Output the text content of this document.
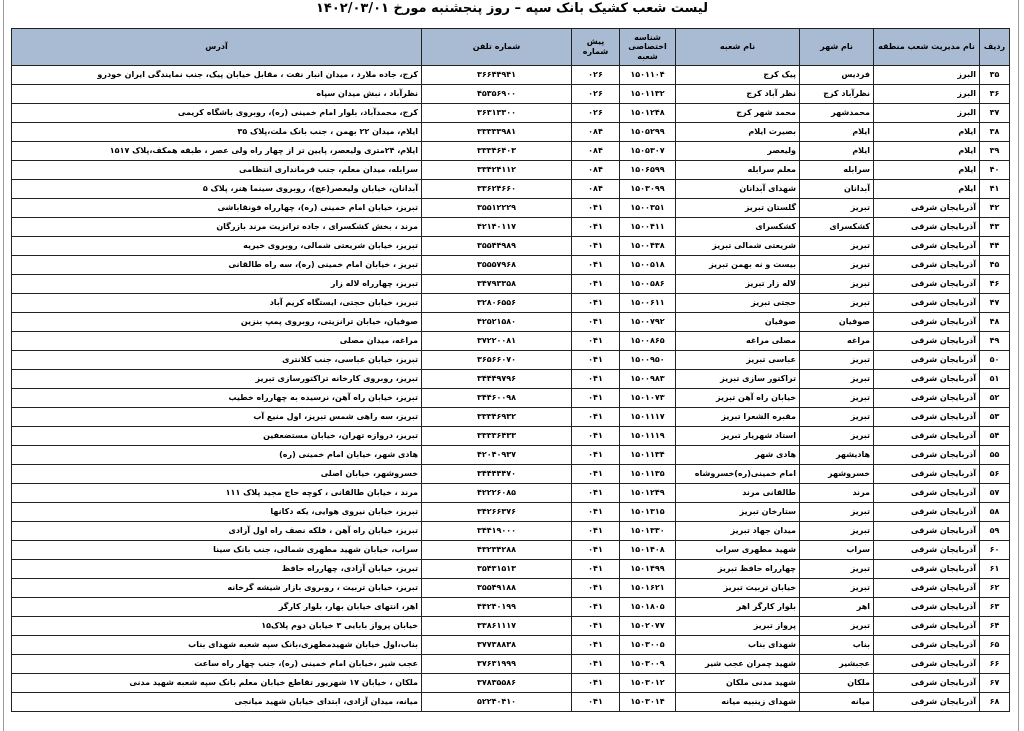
لیست شعب کشیک بانک سپه – روز پنجشنبه مورخ ۱۴۰۲/۰۳/۰۱
ردیف	نام مدیریت شعب منطقه	نام شهر	نام شعبه	شناسه اختصاصی شعبه	پیش شماره	شماره تلفن	آدرس
۳۵	البرز	فردیس	پیک کرج	۱۵۰۱۱۰۴	۰۲۶	۳۶۶۴۴۹۴۱	کرج، جاده ملارد ، میدان انبار نفت ، مقابل خیابان پیک، جنب نمایندگی ایران خودرو
۳۶	البرز	نظرآباد کرج	نظر آباد کرج	۱۵۰۱۱۳۲	۰۲۶	۴۵۳۵۶۹۰۰	نظرآباد ، نبش میدان سپاه
۳۷	البرز	محمدشهر	محمد شهر کرج	۱۵۰۱۲۴۸	۰۲۶	۳۶۳۱۳۳۰۰	کرج، محمدآباد، بلوار امام خمینی (ره)، روبروی باشگاه کریمی
۳۸	ایلام	ایلام	بصیرت ایلام	۱۵۰۵۲۹۹	۰۸۴	۳۳۳۳۳۹۸۱	ایلام، میدان ۲۲ بهمن ، جنب بانک ملت،پلاک ۳۵
۳۹	ایلام	ایلام	ولیعصر	۱۵۰۵۳۰۷	۰۸۴	۳۳۳۴۶۴۰۳	ایلام، ۲۴متری ولیعصر، پایین تر از چهار راه ولی عصر ، طبقه همکف،پلاک ۱۵۱۷
۴۰	ایلام	سرابله	معلم سرابله	۱۵۰۶۵۹۹	۰۸۴	۳۳۴۲۴۱۱۲	سرابله، میدان معلم، جنب فرمانداری انتظامی
۴۱	ایلام	آبدانان	شهدای آبدانان	۱۵۰۳۰۹۹	۰۸۴	۳۳۶۲۴۶۶۰	آبدانان، خیابان ولیعصر(عج)، روبروی سینما هنر، پلاک ۵
۴۲	آذربایجان شرقی	تبریز	گلستان تبریز	۱۵۰۰۳۵۱	۰۴۱	۳۵۵۱۲۲۲۹	تبریز، خیابان امام خمینی (ره)، چهارراه فونقاباشی
۴۳	آذربایجان شرقی	کشکسرای	کشکسرای	۱۵۰۰۴۱۱	۰۴۱	۴۲۱۴۰۱۱۷	مرند ، بخش کشکسرای ، جاده ترانزیت مرند بازرگان
۴۴	آذربایجان شرقی	تبریز	شریعتی شمالی تبریز	۱۵۰۰۴۳۸	۰۴۱	۳۵۵۴۴۹۸۹	تبریز، خیابان شریعتی شمالی، روبروی خیریه
۴۵	آذربایجان شرقی	تبریز	بیست و نه بهمن تبریز	۱۵۰۰۵۱۸	۰۴۱	۳۵۵۵۷۹۶۸	تبریز ، خیابان امام خمینی (ره)، سه راه طالقانی
۴۶	آذربایجان شرقی	تبریز	لاله زار تبریز	۱۵۰۰۵۸۶	۰۴۱	۳۴۷۹۳۳۵۸	تبریز، چهارراه لاله زار
۴۷	آذربایجان شرقی	تبریز	حجتی تبریز	۱۵۰۰۶۱۱	۰۴۱	۳۲۸۰۶۵۵۶	تبریز، خیابان حجتی، ایستگاه کریم آباد
۴۸	آذربایجان شرقی	صوفیان	صوفیان	۱۵۰۰۷۹۲	۰۴۱	۴۲۵۲۱۵۸۰	صوفیان، خیابان ترانزیتی، روبروی پمپ بنزین
۴۹	آذربایجان شرقی	مراغه	مصلی مراغه	۱۵۰۰۸۶۵	۰۴۱	۳۷۲۲۰۰۸۱	مراغه، میدان مصلی
۵۰	آذربایجان شرقی	تبریز	عباسی تبریز	۱۵۰۰۹۵۰	۰۴۱	۳۶۵۶۶۰۷۰	تبریز، خیابان عباسی، جنب کلانتری
۵۱	آذربایجان شرقی	تبریز	تراکتور سازی تبریز	۱۵۰۰۹۸۳	۰۴۱	۳۴۴۴۹۷۹۶	تبریز، روبروی کارخانه تراکتورسازی تبریز
۵۲	آذربایجان شرقی	تبریز	خیابان راه آهن تبریز	۱۵۰۱۰۷۳	۰۴۱	۳۴۴۶۰۰۹۸	تبریز، خیابان راه آهن، نرسیده به چهارراه خطیب
۵۳	آذربایجان شرقی	تبریز	مقبره الشعرا تبریز	۱۵۰۱۱۱۷	۰۴۱	۳۳۳۴۶۹۳۲	تبریز، سه راهی شمس تبریز، اول منیع آب
۵۴	آذربایجان شرقی	تبریز	استاد شهریار تبریز	۱۵۰۱۱۱۹	۰۴۱	۳۳۳۳۶۴۳۳	تبریز، دروازه تهران، خیابان مستضعفین
۵۵	آذربایجان شرقی	هادیشهر	هادی شهر	۱۵۰۱۱۳۴	۰۴۱	۴۲۰۴۰۹۳۷	هادی شهر، خیابان امام خمینی (ره)
۵۶	آذربایجان شرقی	خسروشهر	امام خمینی(ره)خسروشاه	۱۵۰۱۱۳۵	۰۴۱	۳۴۴۴۴۴۷۰	خسروشهر، خیابان اصلی
۵۷	آذربایجان شرقی	مرند	طالقانی مرند	۱۵۰۱۲۴۹	۰۴۱	۴۲۲۲۶۰۸۵	مرند ، خیابان طالقانی ، کوچه حاج مجید پلاک ۱۱۱
۵۸	آذربایجان شرقی	تبریز	ستارخان تبریز	۱۵۰۱۳۱۵	۰۴۱	۳۴۲۶۶۳۷۶	تبریز، خیابان نیروی هوایی، یکه دکانها
۵۹	آذربایجان شرقی	تبریز	میدان جهاد تبریز	۱۵۰۱۳۳۰	۰۴۱	۳۴۴۱۹۰۰۰	تبریز، خیابان راه آهن ، فلکه نصف راه اول آزادی
۶۰	آذربایجان شرقی	سراب	شهید مطهری سراب	۱۵۰۱۴۰۸	۰۴۱	۴۳۲۳۴۲۸۸	سراب، خیابان شهید مطهری شمالی، جنب بانک سینا
۶۱	آذربایجان شرقی	تبریز	چهارراه حافظ تبریز	۱۵۰۱۴۹۹	۰۴۱	۳۵۴۳۱۵۱۳	تبریز، خیابان آزادی، چهارراه حافظ
۶۲	آذربایجان شرقی	تبریز	خیابان تربیت تبریز	۱۵۰۱۶۲۱	۰۴۱	۳۵۵۴۹۱۸۸	تبریز، خیابان تربیت ، روبروی بازار شیشه گرخانه
۶۳	آذربایجان شرقی	اهر	بلوار کارگر اهر	۱۵۰۱۸۰۵	۰۴۱	۴۴۲۴۰۱۹۹	اهر، انتهای خیابان بهار، بلوار کارگر
۶۴	آذربایجان شرقی	تبریز	پرواز تبریز	۱۵۰۲۰۷۷	۰۴۱	۳۳۸۶۱۱۱۷	خیابان پرواز بابایی ۳ خیابان دوم پلاک۱۵
۶۵	آذربایجان شرقی	بناب	شهدای بناب	۱۵۰۳۰۰۵	۰۴۱	۳۷۷۳۸۸۳۸	بناب،اول خیابان شهیدمطهری،بانک سپه شعبه شهدای بناب
۶۶	آذربایجان شرقی	عجبشیر	شهید چمران عجب شیر	۱۵۰۳۰۰۹	۰۴۱	۳۷۶۳۱۹۹۹	عجب شیر ،خیابان امام خمینی (ره)، جنب چهار راه ساعت
۶۷	آذربایجان شرقی	ملکان	شهید مدنی ملکان	۱۵۰۳۰۱۲	۰۴۱	۳۷۸۳۵۵۸۶	ملکان ، خیابان ۱۷ شهریور تقاطع خیابان معلم بانک سپه شعبه شهید مدنی
۶۸	آذربایجان شرقی	میانه	شهدای زینبیه میانه	۱۵۰۳۰۱۴	۰۴۱	۵۲۲۴۰۴۱۰	میانه، میدان آزادی، ابتدای خیابان شهید میانجی
